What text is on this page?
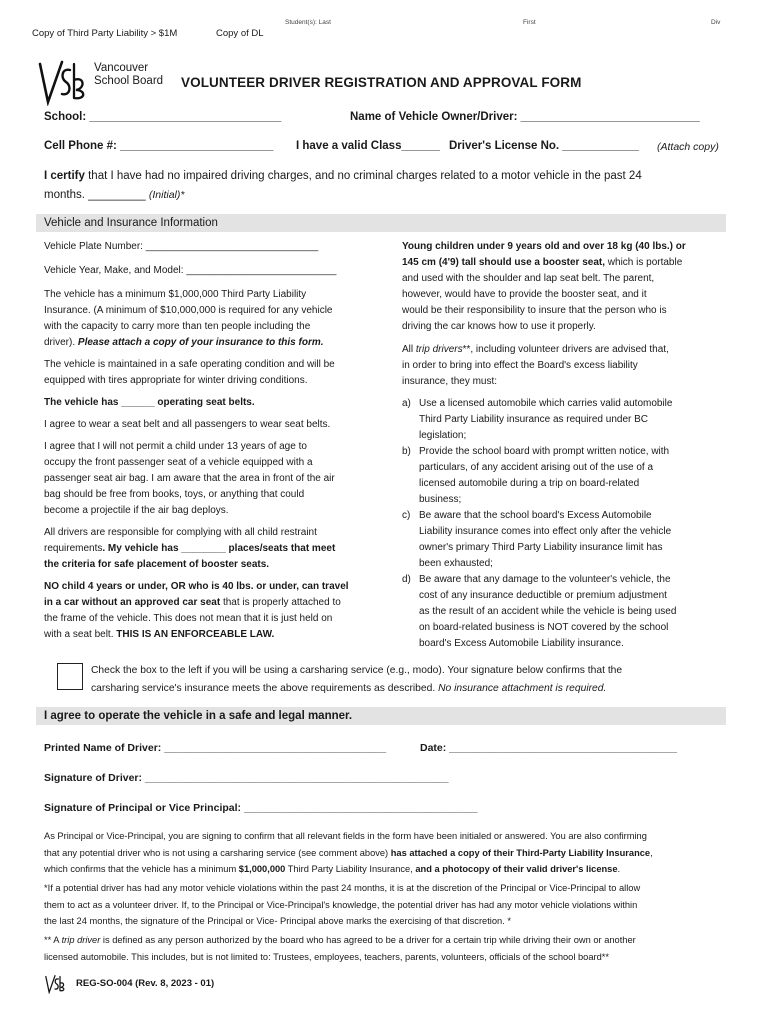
Copy of Third Party Liability > $1M	Copy of DL
Student(s): Last	First	Div
Vancouver
School Board VOLUNTEER DRIVER REGISTRATION AND APPROVAL FORM
School: ______________________________	Name of Vehicle Owner/Driver: ____________________________
Cell Phone #: ________________________ I have a valid Class______ Driver's License No. ____________ (Attach copy)
I certify that I have had no impaired driving charges, and no criminal charges related to a motor vehicle in the past 24
months. _________ (Initial)*
Vehicle and Insurance Information
Vehicle Plate Number: _______________________________
Vehicle Year, Make, and Model: ___________________________
The vehicle has a minimum $1,000,000 Third Party Liability
Insurance. (A minimum of $10,000,000 is required for any vehicle
with the capacity to carry more than ten people including the
driver). Please attach a copy of your insurance to this form.
The vehicle is maintained in a safe operating condition and will be
equipped with tires appropriate for winter driving conditions.
The vehicle has ______ operating seat belts.
I agree to wear a seat belt and all passengers to wear seat belts.
I agree that I will not permit a child under 13 years of age to
occupy the front passenger seat of a vehicle equipped with a
passenger seat air bag. I am aware that the area in front of the air
bag should be free from books, toys, or anything that could
become a projectile if the air bag deploys.
All drivers are responsible for complying with all child restraint
requirements. My vehicle has ________ places/seats that meet
the criteria for safe placement of booster seats.
NO child 4 years or under, OR who is 40 lbs. or under, can travel
in a car without an approved car seat that is properly attached to
the frame of the vehicle. This does not mean that it is just held on
with a seat belt. THIS IS AN ENFORCEABLE LAW.
Young children under 9 years old and over 18 kg (40 lbs.) or
145 cm (4'9) tall should use a booster seat, which is portable
and used with the shoulder and lap seat belt. The parent,
however, would have to provide the booster seat, and it
would be their responsibility to insure that the person who is
driving the car knows how to use it properly.
All trip drivers**, including volunteer drivers are advised that,
in order to bring into effect the Board's excess liability
insurance, they must:
a) Use a licensed automobile which carries valid automobile
Third Party Liability insurance as required under BC
legislation;
b) Provide the school board with prompt written notice, with
particulars, of any accident arising out of the use of a
licensed automobile during a trip on board-related
business;
c) Be aware that the school board's Excess Automobile
Liability insurance comes into effect only after the vehicle
owner's primary Third Party Liability insurance limit has
been exhausted;
d) Be aware that any damage to the volunteer's vehicle, the
cost of any insurance deductible or premium adjustment
as the result of an accident while the vehicle is being used
on board-related business is NOT covered by the school
board's Excess Automobile Liability insurance.
Check the box to the left if you will be using a carsharing service (e.g., modo). Your signature below confirms that the
carsharing service's insurance meets the above requirements as described. No insurance attachment is required.
I agree to operate the vehicle in a safe and legal manner.
Printed Name of Driver: ______________________________________	Date: _______________________________________
Signature of Driver: ____________________________________________________
Signature of Principal or Vice Principal: ________________________________________
As Principal or Vice-Principal, you are signing to confirm that all relevant fields in the form have been initialed or answered. You are also confirming
that any potential driver who is not using a carsharing service (see comment above) has attached a copy of their Third-Party Liability Insurance,
which confirms that the vehicle has a minimum $1,000,000 Third Party Liability Insurance, and a photocopy of their valid driver's license.
*If a potential driver has had any motor vehicle violations within the past 24 months, it is at the discretion of the Principal or Vice-Principal to allow
them to act as a volunteer driver. If, to the Principal or Vice-Principal's knowledge, the potential driver has had any motor vehicle violations within
the last 24 months, the signature of the Principal or Vice- Principal above marks the exercising of that discretion. *
** A trip driver is defined as any person authorized by the board who has agreed to be a driver for a certain trip while driving their own or another
licensed automobile. This includes, but is not limited to: Trustees, employees, teachers, parents, volunteers, officials of the school board**
REG-SO-004 (Rev. 8, 2023 - 01)
